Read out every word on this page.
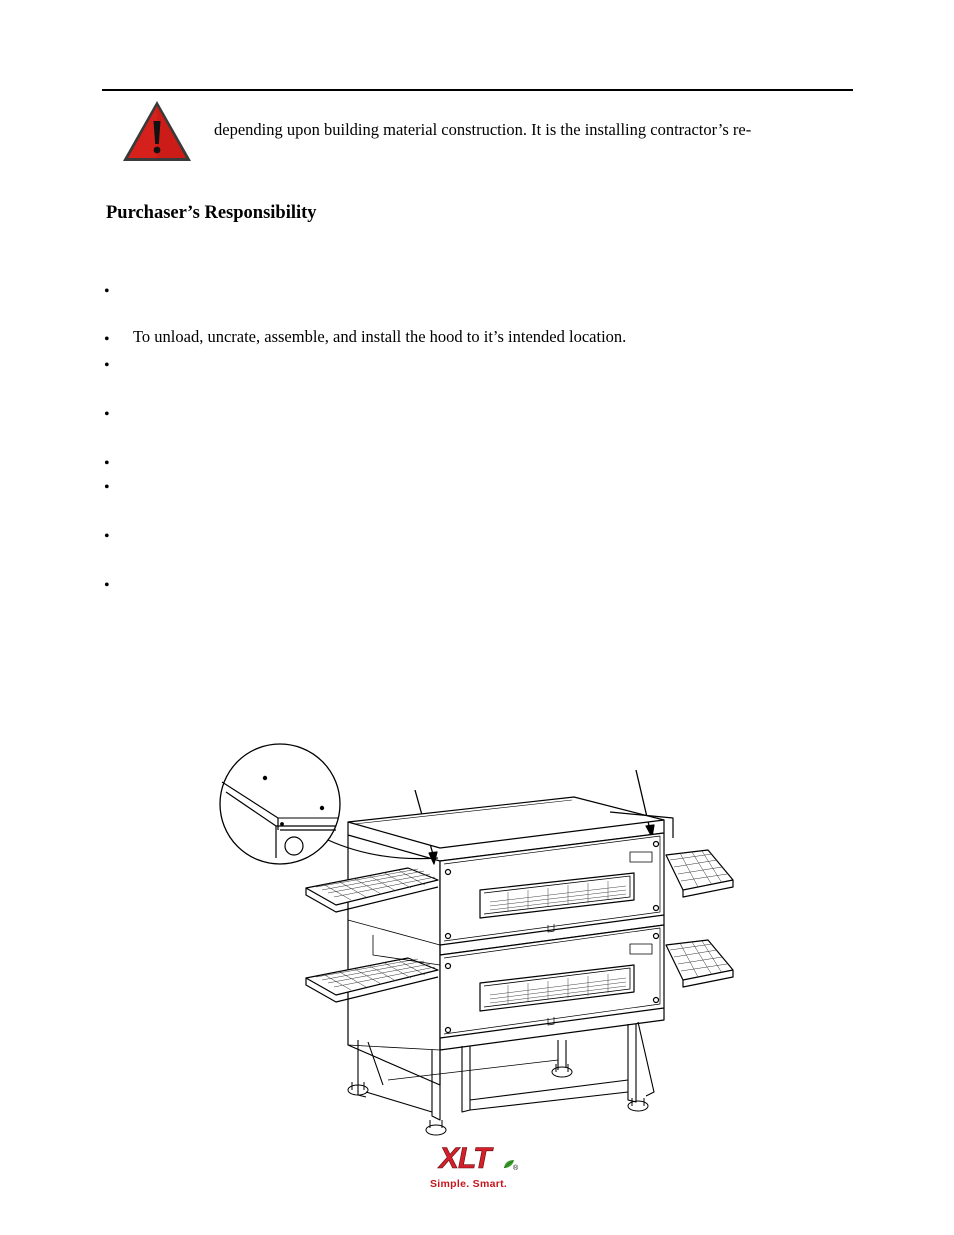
depending upon building material construction. It is the installing contractor’s re-
Purchaser’s Responsibility
•
•
•
•
•
•
•
•
To unload, uncrate, assemble, and install the hood to it’s intended location.
XLT	®
Simple. Smart.
